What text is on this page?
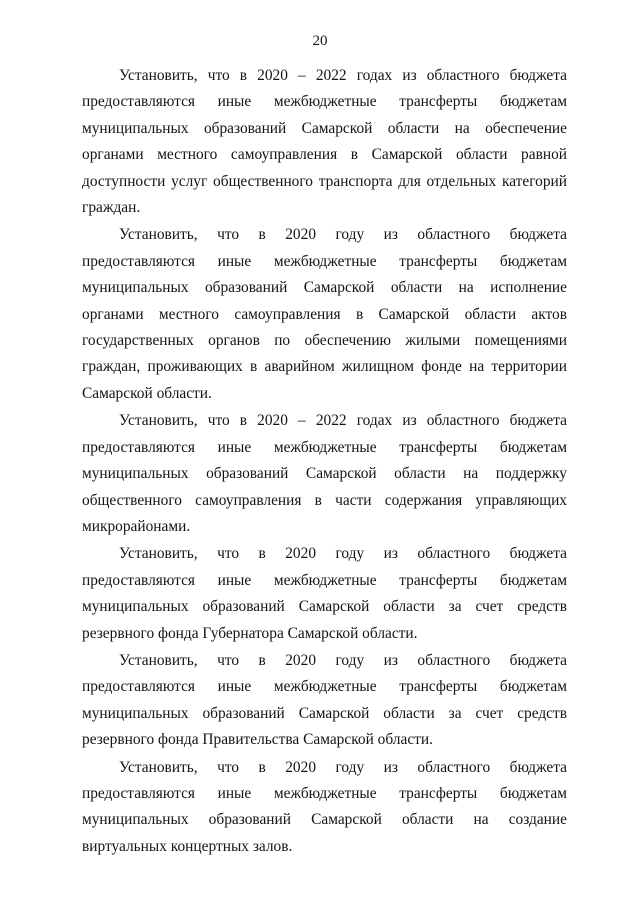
20

Установить, что в 2020 – 2022 годах из областного бюджета предоставляются иные межбюджетные трансферты бюджетам муниципальных образований Самарской области на обеспечение органами местного самоуправления в Самарской области равной доступности услуг общественного транспорта для отдельных категорий граждан.

Установить, что в 2020 году из областного бюджета предоставляются иные межбюджетные трансферты бюджетам муниципальных образований Самарской области на исполнение органами местного самоуправления в Самарской области актов государственных органов по обеспечению жилыми помещениями граждан, проживающих в аварийном жилищном фонде на территории Самарской области.

Установить, что в 2020 – 2022 годах из областного бюджета предоставляются иные межбюджетные трансферты бюджетам муниципальных образований Самарской области на поддержку общественного самоуправления в части содержания управляющих микрорайонами.

Установить, что в 2020 году из областного бюджета предоставляются иные межбюджетные трансферты бюджетам муниципальных образований Самарской области за счет средств резервного фонда Губернатора Самарской области.

Установить, что в 2020 году из областного бюджета предоставляются иные межбюджетные трансферты бюджетам муниципальных образований Самарской области за счет средств резервного фонда Правительства Самарской области.

Установить, что в 2020 году из областного бюджета предоставляются иные межбюджетные трансферты бюджетам муниципальных образований Самарской области на создание виртуальных концертных залов.
